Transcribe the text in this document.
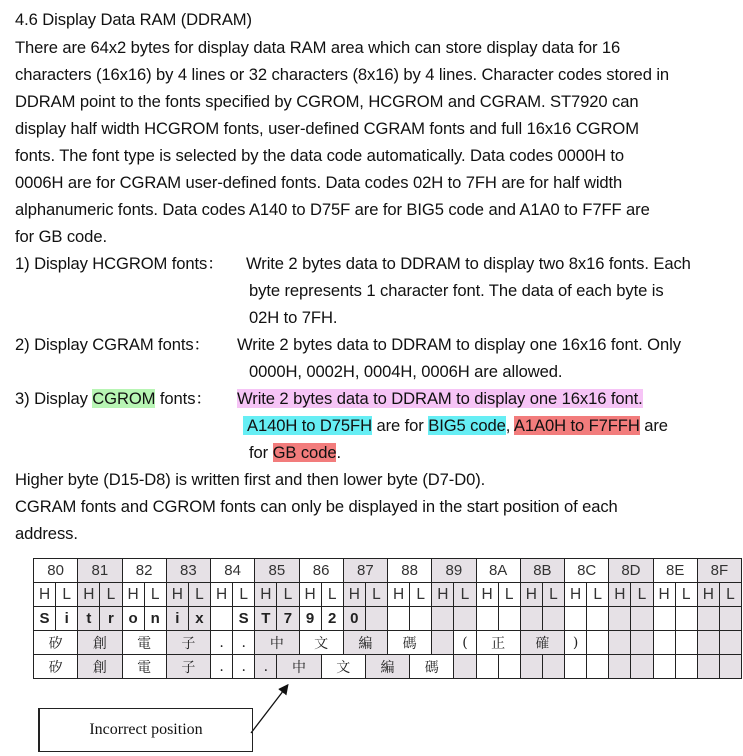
4.6 Display Data RAM (DDRAM)
There are 64x2 bytes for display data RAM area which can store display data for 16
characters (16x16) by 4 lines or 32 characters (8x16) by 4 lines. Character codes stored in
DDRAM point to the fonts specified by CGROM, HCGROM and CGRAM. ST7920 can
display half width HCGROM fonts, user-defined CGRAM fonts and full 16x16 CGROM
fonts. The font type is selected by the data code automatically. Data codes 0000H to
0006H are for CGRAM user-defined fonts. Data codes 02H to 7FH are for half width
alphanumeric fonts. Data codes A140 to D75F are for BIG5 code and A1A0 to F7FF are
for GB code.
1) Display HCGROM fonts： Write 2 bytes data to DDRAM to display two 8x16 fonts. Each
byte represents 1 character font. The data of each byte is
02H to 7FH.
2) Display CGRAM fonts： Write 2 bytes data to DDRAM to display one 16x16 font. Only
0000H, 0002H, 0004H, 0006H are allowed.
3) Display CGROM fonts： Write 2 bytes data to DDRAM to display one 16x16 font.
A140H to D75FH are for BIG5 code, A1A0H to F7FFH are
for GB code.
Higher byte (D15-D8) is written first and then lower byte (D7-D0).
CGRAM fonts and CGROM fonts can only be displayed in the start position of each
address.
80		81		82		83		84		85		86		87		88		89		8A		8B		8C		8D		8E		8F	
H	L	H	L	H	L	H	L	H	L	H	L	H	L	H	L	H	L	H	L	H	L	H	L	H	L	H	L	H	L	H	L
S	i	t	r	o	n	i	x		S	T	7	9	2	0																	
矽		創		電		子		.	.	中		文		編		碼			(	正		確		)							
矽		創		電		子		.	.	.	中		文		編		碼														
Incorrect position
